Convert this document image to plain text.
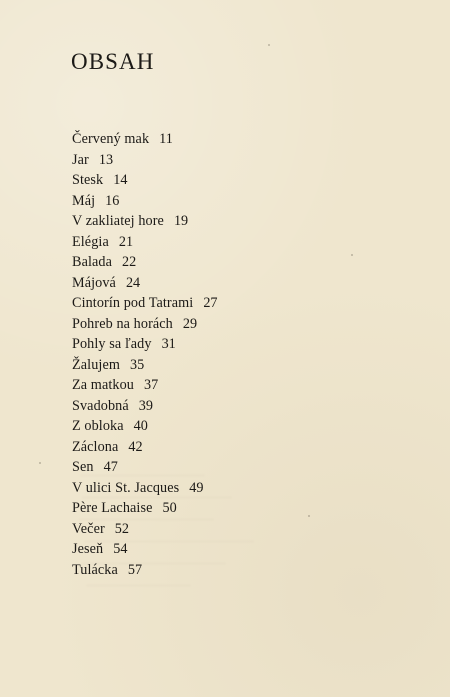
OBSAH
Červený mak 11
Jar 13
Stesk 14
Máj 16
V zakliatej hore 19
Elégia 21
Balada 22
Májová 24
Cintorín pod Tatrami 27
Pohreb na horách 29
Pohly sa ľady 31
Žalujem 35
Za matkou 37
Svadobná 39
Z obloka 40
Záclona 42
Sen 47
V ulici St. Jacques 49
Père Lachaise 50
Večer 52
Jeseň 54
Tulácka 57
